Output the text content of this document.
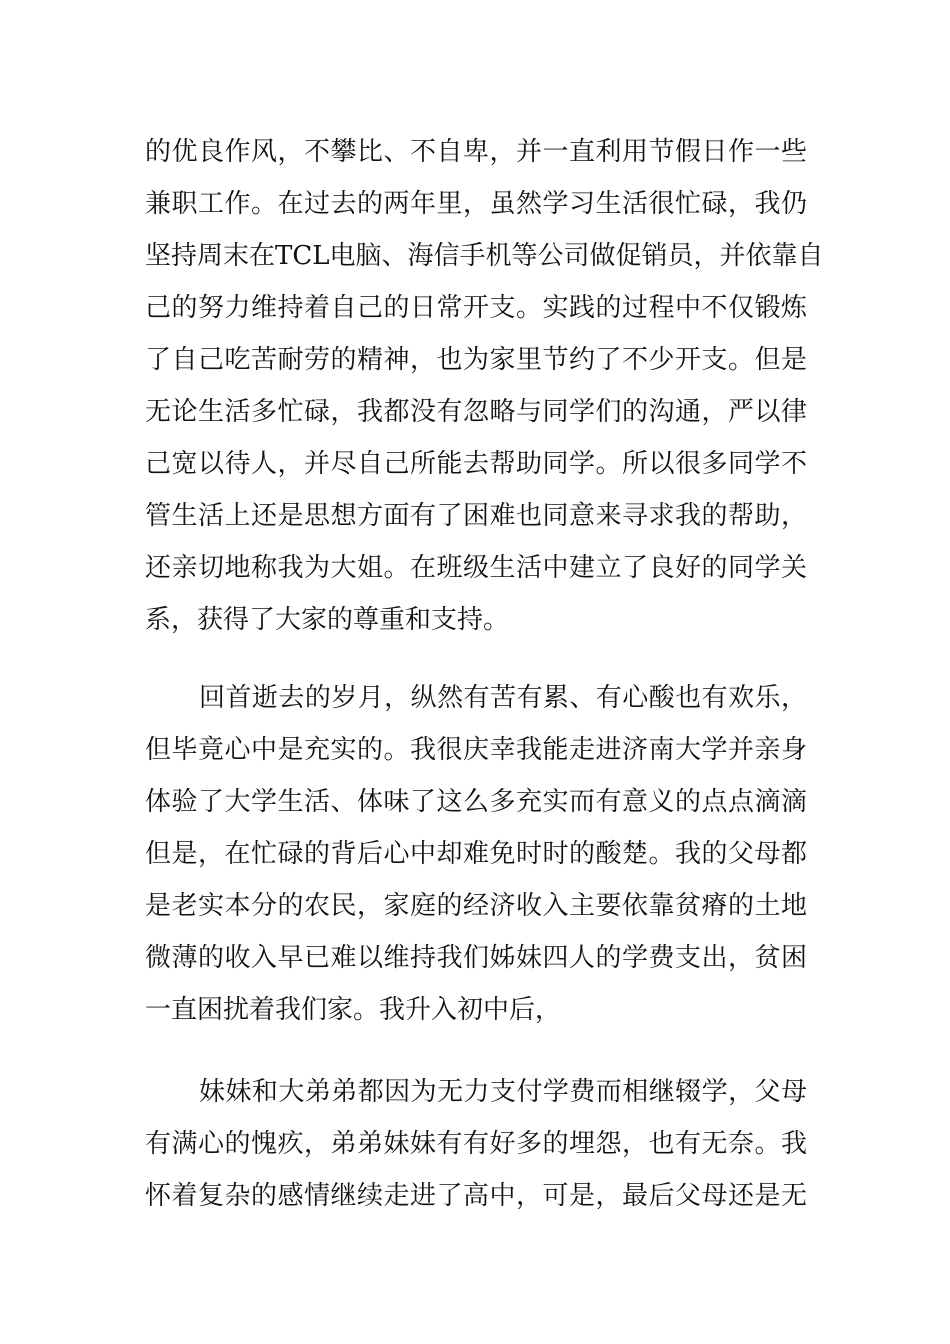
的优良作风，不攀比、不自卑，并一直利用节假日作一些
兼职工作。在过去的两年里，虽然学习生活很忙碌，我仍
坚持周末在TCL电脑、海信手机等公司做促销员，并依靠自
己的努力维持着自己的日常开支。实践的过程中不仅锻炼
了自己吃苦耐劳的精神，也为家里节约了不少开支。但是
无论生活多忙碌，我都没有忽略与同学们的沟通，严以律
己宽以待人，并尽自己所能去帮助同学。所以很多同学不
管生活上还是思想方面有了困难也同意来寻求我的帮助，
还亲切地称我为大姐。在班级生活中建立了良好的同学关
系，获得了大家的尊重和支持。
回首逝去的岁月，纵然有苦有累、有心酸也有欢乐，
但毕竟心中是充实的。我很庆幸我能走进济南大学并亲身
体验了大学生活、体味了这么多充实而有意义的点点滴滴
但是，在忙碌的背后心中却难免时时的酸楚。我的父母都
是老实本分的农民，家庭的经济收入主要依靠贫瘠的土地
微薄的收入早已难以维持我们姊妹四人的学费支出，贫困
一直困扰着我们家。我升入初中后，
妹妹和大弟弟都因为无力支付学费而相继辍学，父母
有满心的愧疚，弟弟妹妹有有好多的埋怨，也有无奈。我
怀着复杂的感情继续走进了高中，可是，最后父母还是无
